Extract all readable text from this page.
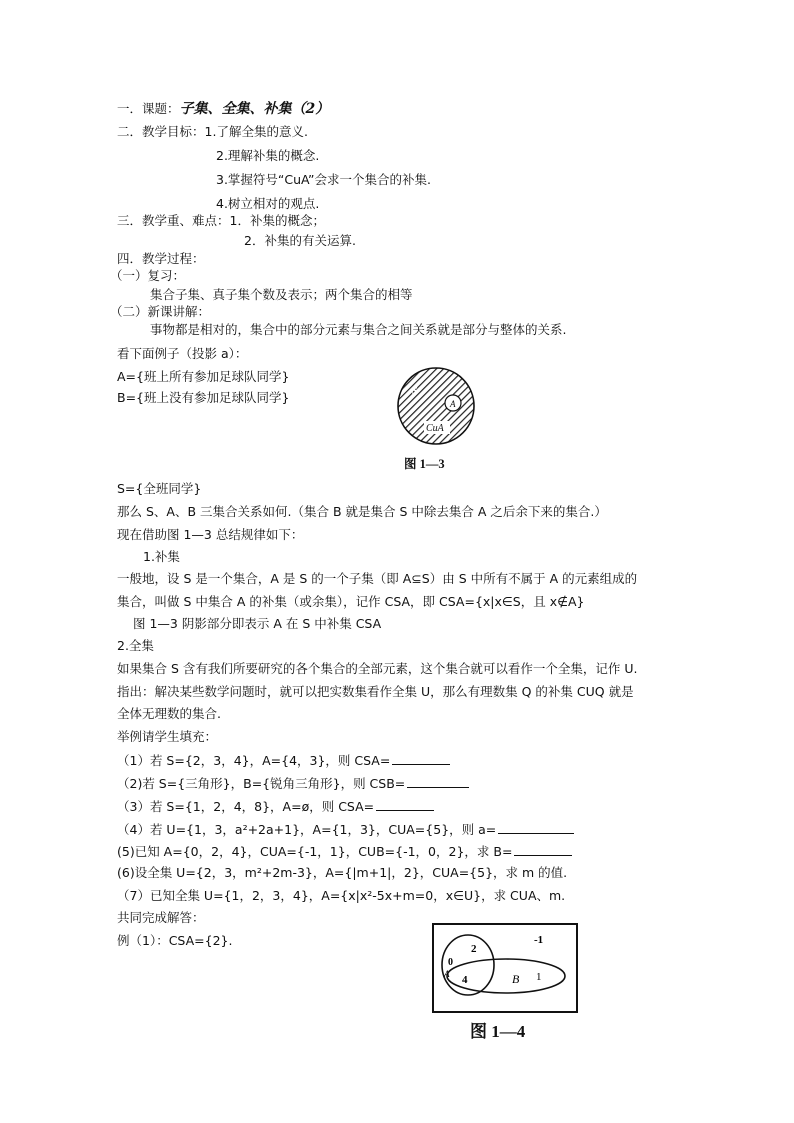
一．课题：子集、全集、补集（2）
二．教学目标：1.了解全集的意义.
2.理解补集的概念.
3.掌握符号“CuA”会求一个集合的补集.
4.树立相对的观点.
三．教学重、难点：1．补集的概念；
2．补集的有关运算.
四．教学过程：
（一）复习：
集合子集、真子集个数及表示；两个集合的相等
（二）新课讲解：
事物都是相对的，集合中的部分元素与集合之间关系就是部分与整体的关系.
看下面例子（投影 a）：
A={班上所有参加足球队同学}
B={班上没有参加足球队同学}	S
A
CuA
图 1—3
S={全班同学}
那么 S、A、B 三集合关系如何.（集合 B 就是集合 S 中除去集合 A 之后余下来的集合.）
现在借助图 1—3 总结规律如下：
1.补集
一般地，设 S 是一个集合，A 是 S 的一个子集（即 A⊆S）由 S 中所有不属于 A 的元素组成的
集合，叫做 S 中集合 A 的补集（或余集），记作 CSA，即 CSA={x|x∈S，且 x∉A}
图 1—3 阴影部分即表示 A 在 S 中补集 CSA
2.全集
如果集合 S 含有我们所要研究的各个集合的全部元素，这个集合就可以看作一个全集，记作 U.
指出：解决某些数学问题时，就可以把实数集看作全集 U，那么有理数集 Q 的补集 CUQ 就是
全体无理数的集合.
举例请学生填充：
（1）若 S={2，3，4}，A={4，3}，则 CSA=
（2)若 S={三角形}，B={锐角三角形}，则 CSB=
（3）若 S={1，2，4，8}，A=ø，则 CSA=
（4）若 U={1，3，a²+2a+1}，A={1，3}，CUA={5}，则 a=
(5)已知 A={0，2，4}，CUA={-1，1}，CUB={-1，0，2}，求 B=
(6)设全集 U={2，3，m²+2m-3}，A={|m+1|，2}，CUA={5}，求 m 的值.
（7）已知全集 U={1，2，3，4}，A={x|x²-5x+m=0，x∈U}，求 CUA、m.
共同完成解答：
例（1）：CSA={2}.
2
0
4
-1
B 1
A
图 1—4
